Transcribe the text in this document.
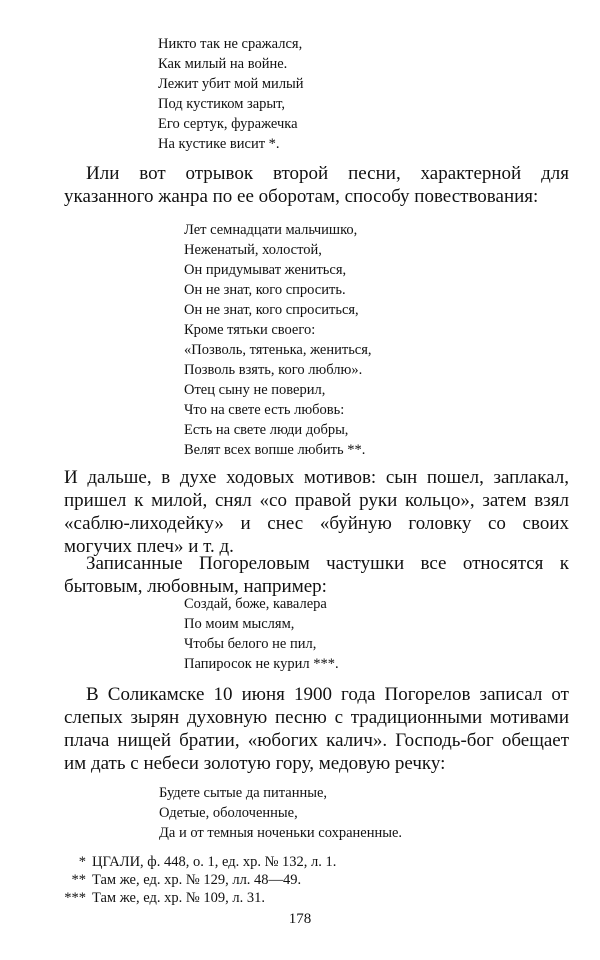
Никто так не сражался,
Как милый на войне.
Лежит убит мой милый
Под кустиком зарыт,
Его сертук, фуражечка
На кустике висит *.

Или вот отрывок второй песни, характерной для указанного жанра по ее оборотам, способу повествования:

Лет семнадцати мальчишко,
Неженатый, холостой,
Он придумыват жениться,
Он не знат, кого спросить.
Он не знат, кого спроситься,
Кроме тятьки своего:
«Позволь, тятенька, жениться,
Позволь взять, кого люблю».
Отец сыну не поверил,
Что на свете есть любовь:
Есть на свете люди добры,
Велят всех вопше любить **.

И дальше, в духе ходовых мотивов: сын пошел, заплакал, пришел к милой, снял «со правой руки кольцо», затем взял «саблю-лиходейку» и снес «буйную головку со своих могучих плеч» и т. д.

Записанные Погореловым частушки все относятся к бытовым, любовным, например:

Создай, боже, кавалера
По моим мыслям,
Чтобы белого не пил,
Папиросок не курил ***.

В Соликамске 10 июня 1900 года Погорелов записал от слепых зырян духовную песню с традиционными мотивами плача нищей братии, «юбогих калич». Господь-бог обещает им дать с небеси золотую гору, медовую речку:

Будете сытые да питанные,
Одетые, оболоченные,
Да и от темныя ноченьки сохраненные.
* ЦГАЛИ, ф. 448, о. 1, ед. хр. № 132, л. 1.
** Там же, ед. хр. № 129, лл. 48—49.
*** Там же, ед. хр. № 109, л. 31.
178
